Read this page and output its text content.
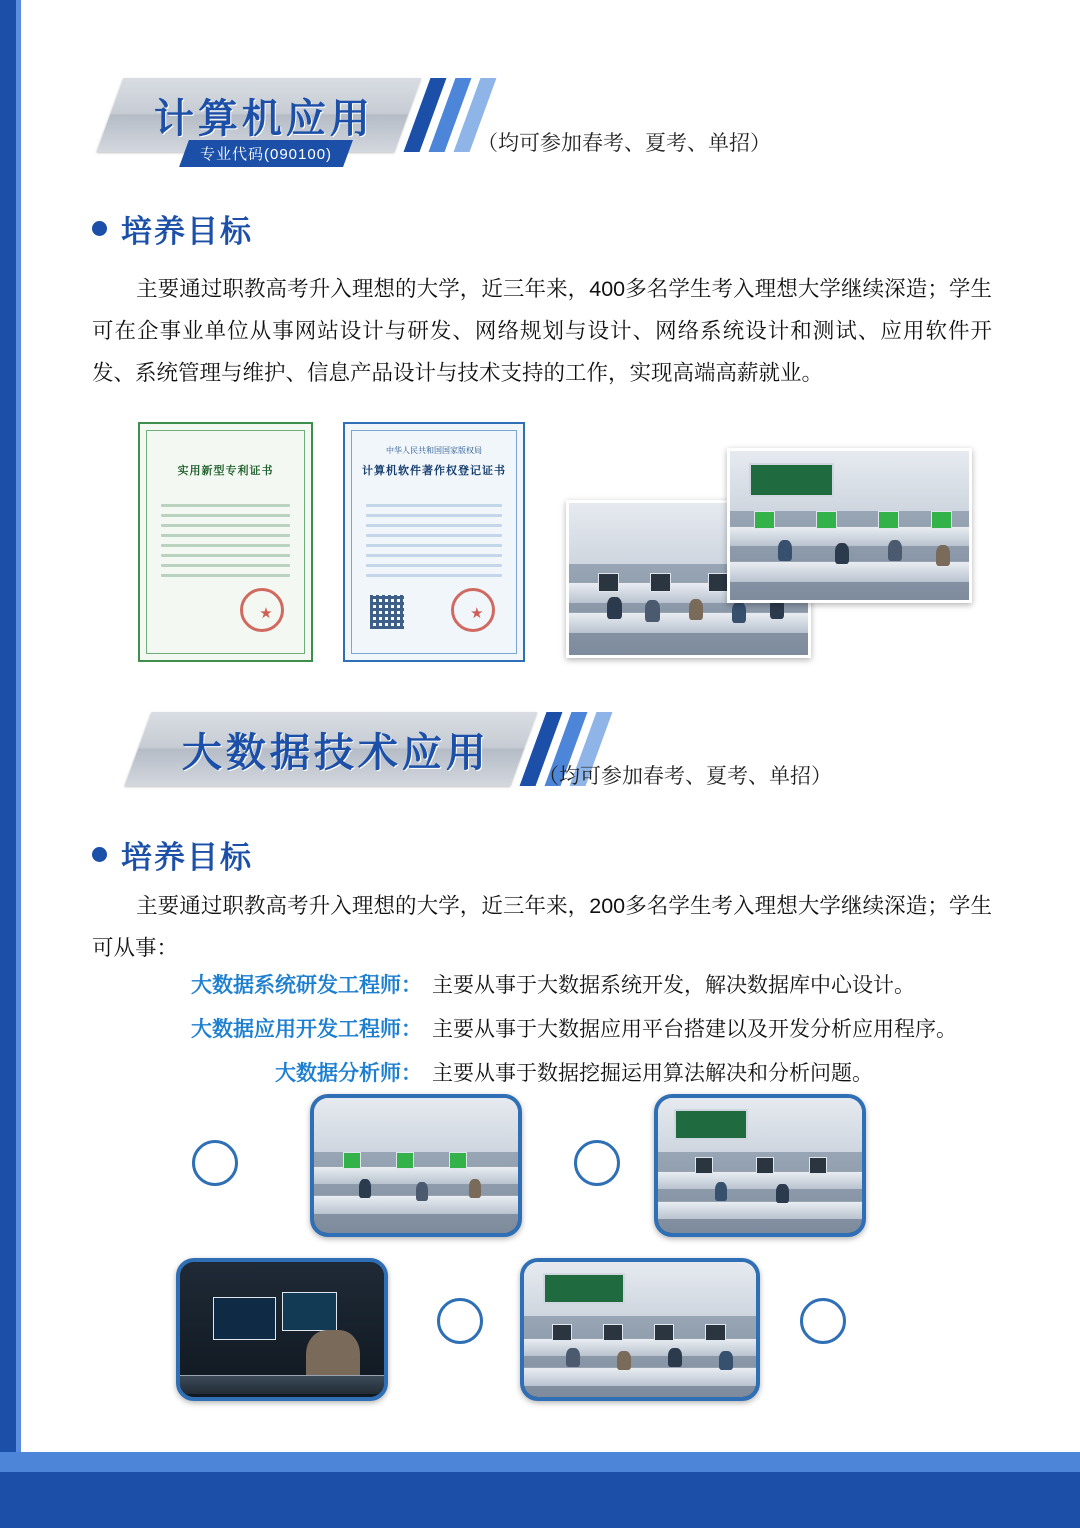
计算机应用
专业代码(090100)	（均可参加春考、夏考、单招）
培养目标
主要通过职教高考升入理想的大学，近三年来，400多名学生考入理想大学继续深造；学生可在企事业单位从事网站设计与研发、网络规划与设计、网络系统设计和测试、应用软件开发、系统管理与维护、信息产品设计与技术支持的工作，实现高端高薪就业。
实用新型专利证书
★
中华人民共和国国家版权局
计算机软件著作权登记证书
★
大数据技术应用
（均可参加春考、夏考、单招）
培养目标
主要通过职教高考升入理想的大学，近三年来，200多名学生考入理想大学继续深造；学生可从事：
大数据系统研发工程师： 主要从事于大数据系统开发，解决数据库中心设计。
大数据应用开发工程师： 主要从事于大数据应用平台搭建以及开发分析应用程序。
大数据分析师： 主要从事于数据挖掘运用算法解决和分析问题。
